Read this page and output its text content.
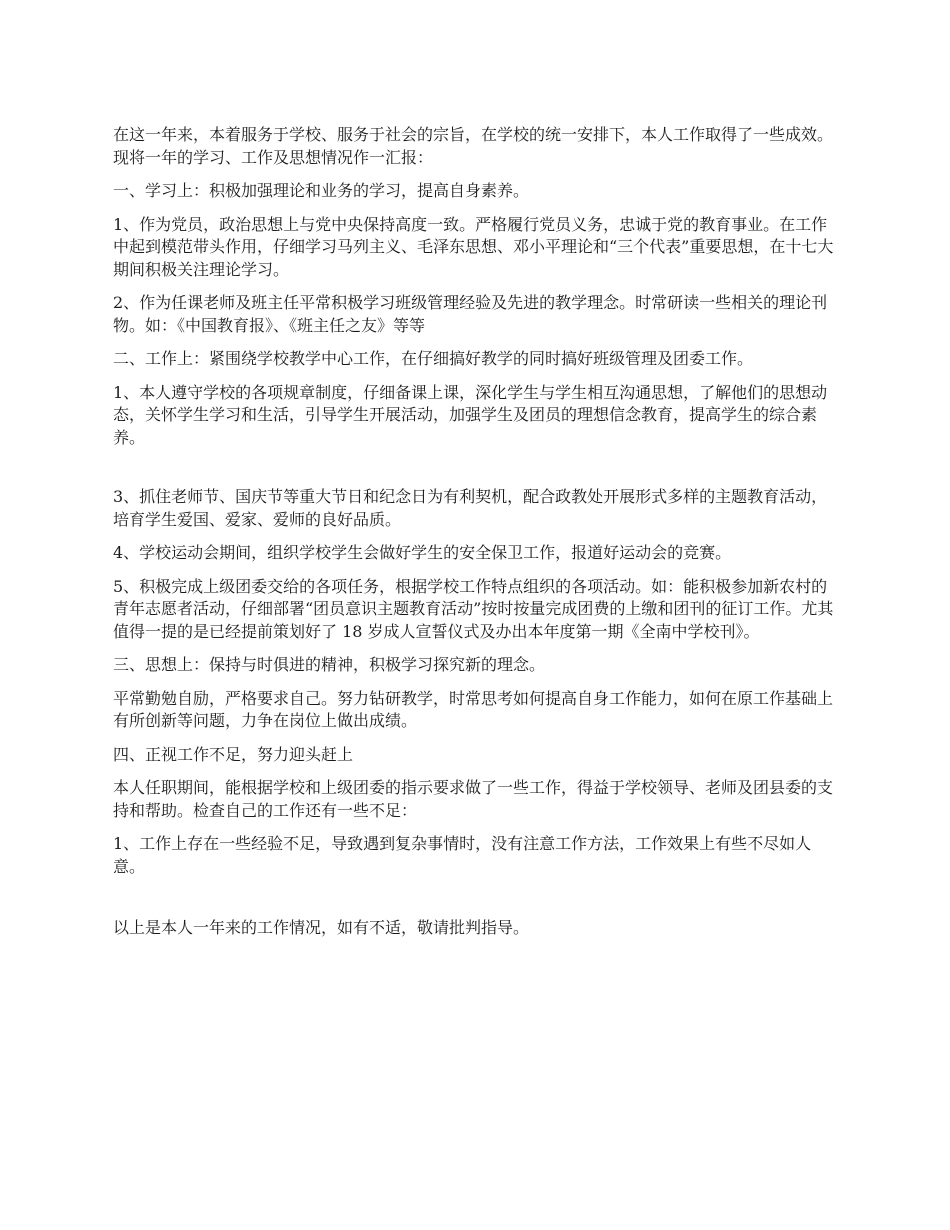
在这一年来，本着服务于学校、服务于社会的宗旨，在学校的统一安排下，本人工作取得了一些成效。现将一年的学习、工作及思想情况作一汇报：

一、学习上：积极加强理论和业务的学习，提高自身素养。

1、作为党员，政治思想上与党中央保持高度一致。严格履行党员义务，忠诚于党的教育事业。在工作中起到模范带头作用，仔细学习马列主义、毛泽东思想、邓小平理论和“三个代表”重要思想，在十七大期间积极关注理论学习。

2、作为任课老师及班主任平常积极学习班级管理经验及先进的教学理念。时常研读一些相关的理论刊物。如：《中国教育报》、《班主任之友》等等

二、工作上：紧围绕学校教学中心工作，在仔细搞好教学的同时搞好班级管理及团委工作。

1、本人遵守学校的各项规章制度，仔细备课上课，深化学生与学生相互沟通思想，了解他们的思想动态，关怀学生学习和生活，引导学生开展活动，加强学生及团员的理想信念教育，提高学生的综合素养。

3、抓住老师节、国庆节等重大节日和纪念日为有利契机，配合政教处开展形式多样的主题教育活动，培育学生爱国、爱家、爱师的良好品质。

4、学校运动会期间，组织学校学生会做好学生的安全保卫工作，报道好运动会的竞赛。

5、积极完成上级团委交给的各项任务，根据学校工作特点组织的各项活动。如：能积极参加新农村的青年志愿者活动，仔细部署“团员意识主题教育活动”按时按量完成团费的上缴和团刊的征订工作。尤其值得一提的是已经提前策划好了 18 岁成人宣誓仪式及办出本年度第一期《全南中学校刊》。

三、思想上：保持与时俱进的精神，积极学习探究新的理念。

平常勤勉自励，严格要求自己。努力钻研教学，时常思考如何提高自身工作能力，如何在原工作基础上有所创新等问题，力争在岗位上做出成绩。

四、正视工作不足，努力迎头赶上

本人任职期间，能根据学校和上级团委的指示要求做了一些工作，得益于学校领导、老师及团县委的支持和帮助。检查自己的工作还有一些不足：

1、工作上存在一些经验不足，导致遇到复杂事情时，没有注意工作方法，工作效果上有些不尽如人意。

以上是本人一年来的工作情况，如有不适，敬请批判指导。
